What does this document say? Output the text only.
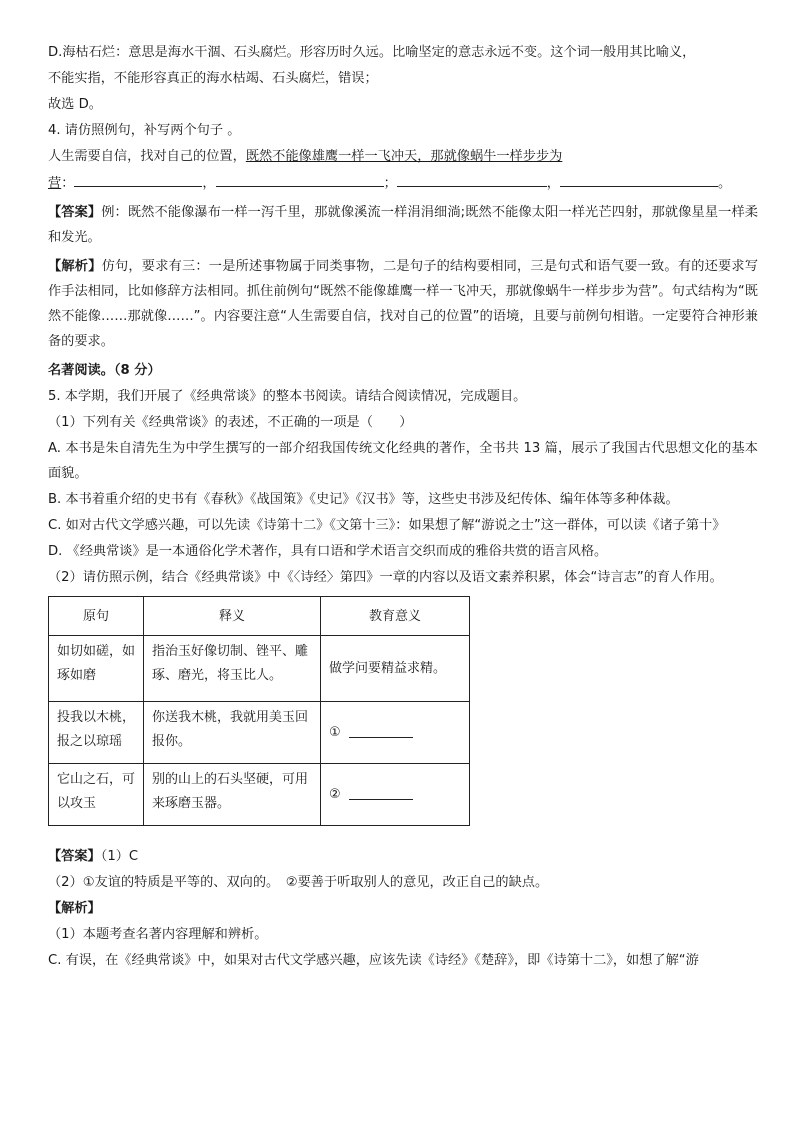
D.海枯石烂：意思是海水干涸、石头腐烂。形容历时久远。比喻坚定的意志永远不变。这个词一般用其比喻义，

不能实指，不能形容真正的海水枯竭、石头腐烂，错误；

故选 D。

4. 请仿照例句，补写两个句子 。

人生需要自信，找对自己的位置，既然不能像雄鹰一样一飞冲天，那就像蜗牛一样步步为

营：	，	；	，	。

【答案】例：既然不能像瀑布一样一泻千里，那就像溪流一样涓涓细淌;既然不能像太阳一样光芒四射，那就像星星一样柔和发光。

【解析】仿句，要求有三：一是所述事物属于同类事物，二是句子的结构要相同，三是句式和语气要一致。有的还要求写作手法相同，比如修辞方法相同。抓住前例句“既然不能像雄鹰一样一飞冲天，那就像蜗牛一样步步为营”。句式结构为“既然不能像……那就像……”。内容要注意“人生需要自信，找对自己的位置”的语境，且要与前例句相谐。一定要符合神形兼备的要求。

名著阅读。（8 分）

5. 本学期，我们开展了《经典常谈》的整本书阅读。请结合阅读情况，完成题目。

（1）下列有关《经典常谈》的表述，不正确的一项是（　　）

A. 本书是朱自清先生为中学生撰写的一部介绍我国传统文化经典的著作，全书共 13 篇，展示了我国古代思想文化的基本面貌。

B. 本书着重介绍的史书有《春秋》《战国策》《史记》《汉书》等，这些史书涉及纪传体、编年体等多种体裁。

C. 如对古代文学感兴趣，可以先读《诗第十二》《文第十三》：如果想了解“游说之士”这一群体，可以读《诸子第十》

D. 《经典常谈》是一本通俗化学术著作，具有口语和学术语言交织而成的雅俗共赏的语言风格。

（2）请仿照示例，结合《经典常谈》中《〈诗经〉第四》一章的内容以及语文素养积累，体会“诗言志”的育人作用。

原句	释义	教育意义
如切如磋，如琢如磨	指治玉好像切制、锉平、雕琢、磨光，将玉比人。	做学问要精益求精。
投我以木桃，报之以琼瑶	你送我木桃，我就用美玉回报你。	①
它山之石，可以攻玉	别的山上的石头坚硬，可用来琢磨玉器。	②

【答案】（1）C

（2）①友谊的特质是平等的、双向的。　②要善于听取别人的意见，改正自己的缺点。

【解析】

（1）本题考查名著内容理解和辨析。

C. 有误，在《经典常谈》中，如果对古代文学感兴趣，应该先读《诗经》《楚辞》，即《诗第十二》，如想了解“游
